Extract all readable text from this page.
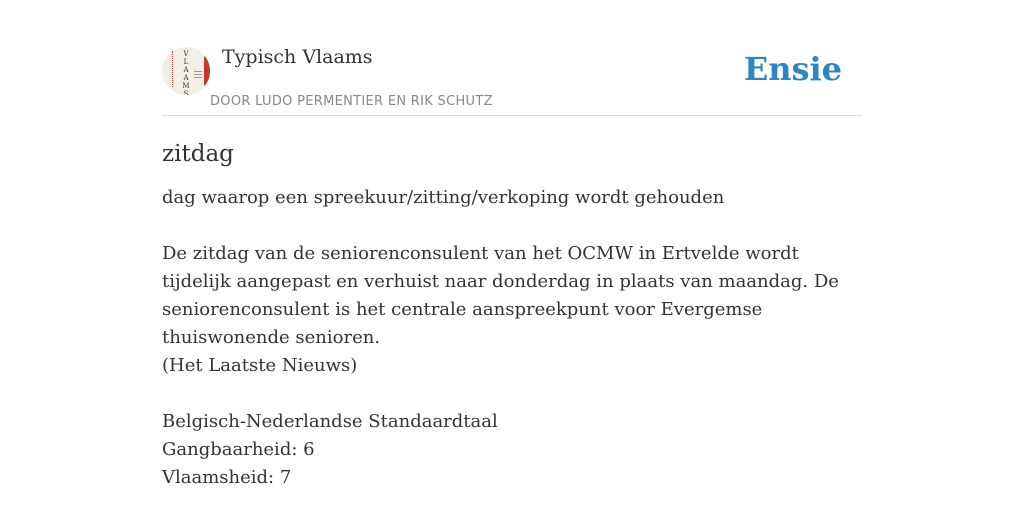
V
L
A
A
M
S
Typisch Vlaams
DOOR LUDO PERMENTIER EN RIK SCHUTZ
Ensie
zitdag

dag waarop een spreekuur/zitting/verkoping wordt gehouden

De zitdag van de seniorenconsulent van het OCMW in Ertvelde wordt tijdelijk aangepast en verhuist naar donderdag in plaats van maandag. De seniorenconsulent is het centrale aanspreekpunt voor Evergemse thuiswonende senioren.

(Het Laatste Nieuws)

Belgisch-Nederlandse Standaardtaal

Gangbaarheid: 6

Vlaamsheid: 7
